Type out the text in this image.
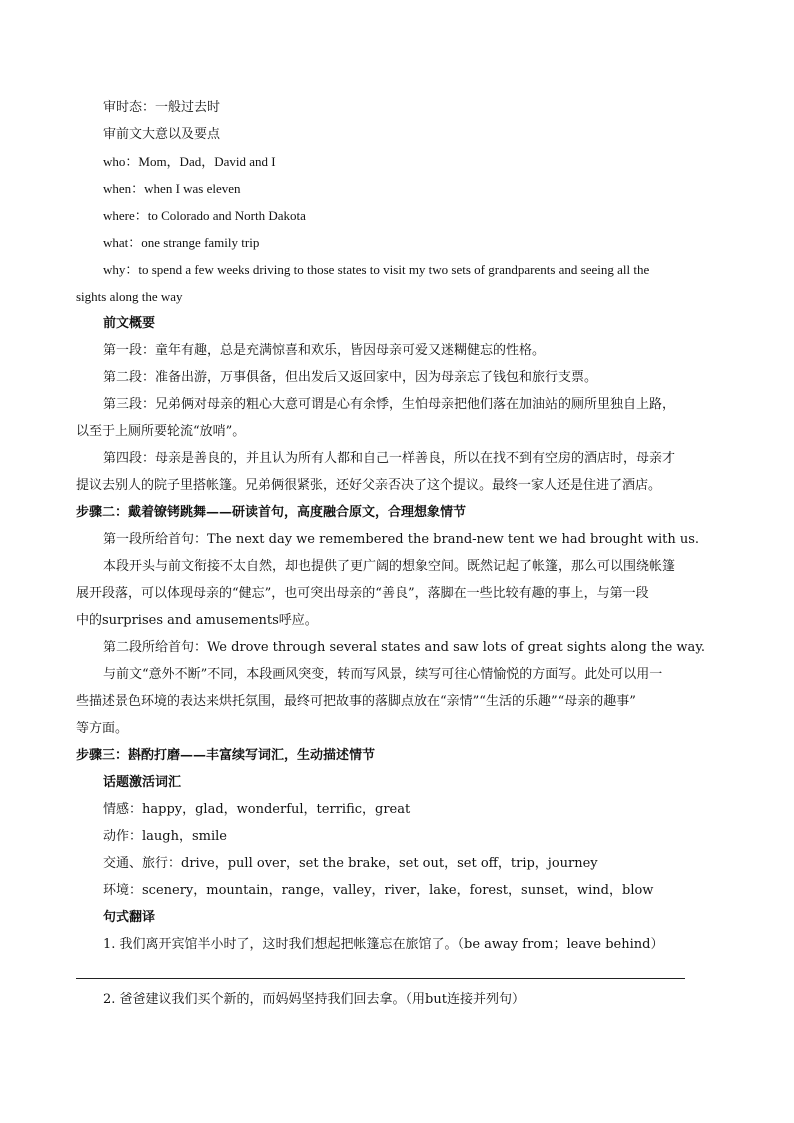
审时态：一般过去时
审前文大意以及要点
who：Mom，Dad，David and I
when：when I was eleven
where：to Colorado and North Dakota
what：one strange family trip
why：to spend a few weeks driving to those states to visit my two sets of grandparents and seeing all the
sights along the way
前文概要
第一段：童年有趣，总是充满惊喜和欢乐，皆因母亲可爱又迷糊健忘的性格。
第二段：准备出游，万事俱备，但出发后又返回家中，因为母亲忘了钱包和旅行支票。
第三段：兄弟俩对母亲的粗心大意可谓是心有余悸，生怕母亲把他们落在加油站的厕所里独自上路，
以至于上厕所要轮流“放哨”。
第四段：母亲是善良的，并且认为所有人都和自己一样善良，所以在找不到有空房的酒店时，母亲才
提议去别人的院子里搭帐篷。兄弟俩很紧张，还好父亲否决了这个提议。最终一家人还是住进了酒店。
步骤二：戴着镣铐跳舞——研读首句，高度融合原文，合理想象情节
第一段所给首句：The next day we remembered the brand-new tent we had brought with us.
本段开头与前文衔接不太自然，却也提供了更广阔的想象空间。既然记起了帐篷，那么可以围绕帐篷
展开段落，可以体现母亲的“健忘”，也可突出母亲的“善良”，落脚在一些比较有趣的事上，与第一段
中的surprises and amusements呼应。
第二段所给首句：We drove through several states and saw lots of great sights along the way.
与前文“意外不断”不同，本段画风突变，转而写风景，续写可往心情愉悦的方面写。此处可以用一
些描述景色环境的表达来烘托氛围，最终可把故事的落脚点放在“亲情”“生活的乐趣”“母亲的趣事”
等方面。
步骤三：斟酌打磨——丰富续写词汇，生动描述情节
话题激活词汇
情感：happy，glad，wonderful，terrific，great
动作：laugh，smile
交通、旅行：drive，pull over，set the brake，set out，set off，trip，journey
环境：scenery，mountain，range，valley，river，lake，forest，sunset，wind，blow
句式翻译
1. 我们离开宾馆半小时了，这时我们想起把帐篷忘在旅馆了。（be away from；leave behind）
2. 爸爸建议我们买个新的，而妈妈坚持我们回去拿。（用but连接并列句）
